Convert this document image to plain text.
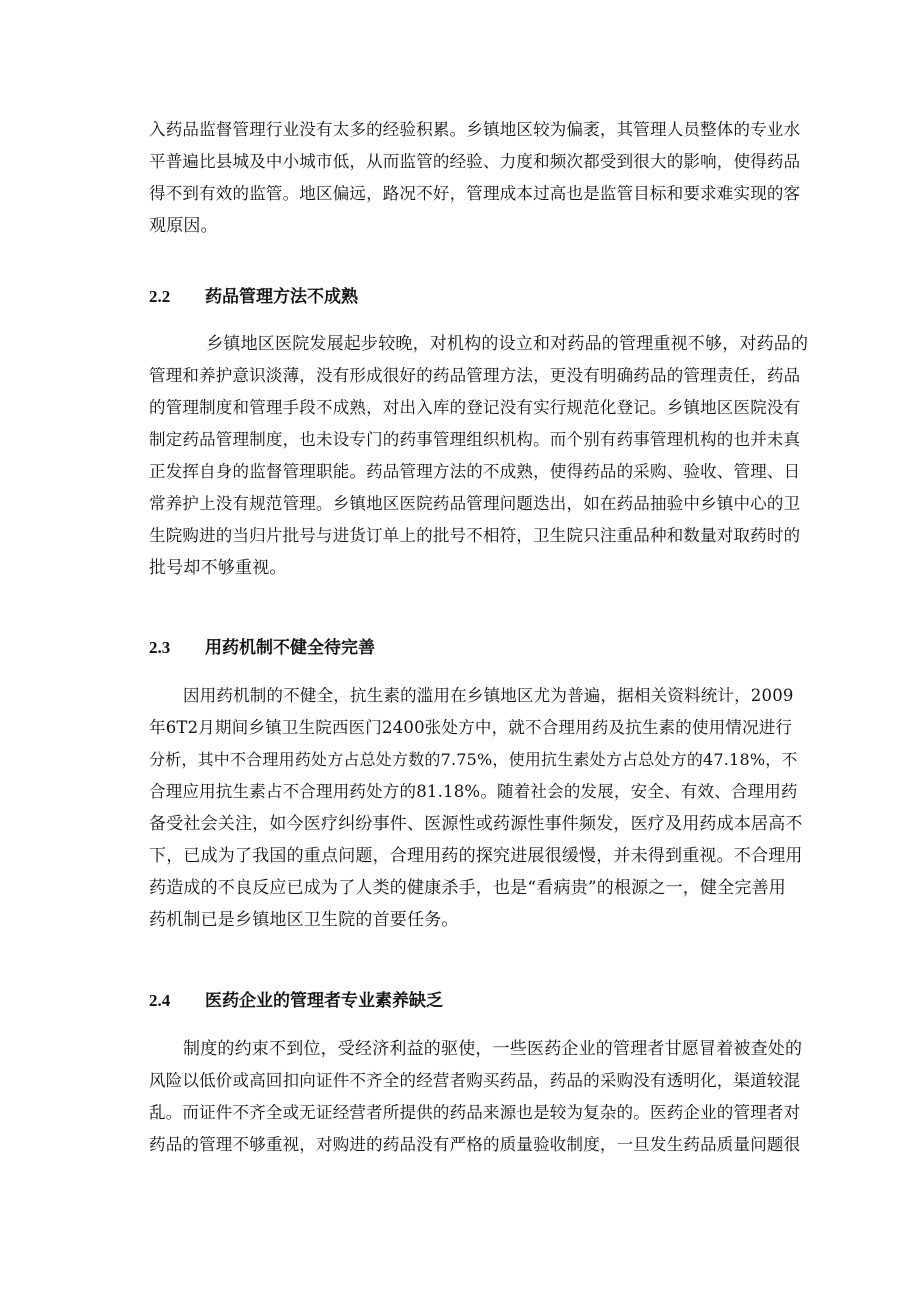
入药品监督管理行业没有太多的经验积累。乡镇地区较为偏袤，其管理人员整体的专业水
平普遍比县城及中小城市低，从而监管的经验、力度和频次都受到很大的影响，使得药品
得不到有效的监管。地区偏远，路况不好，管理成本过高也是监管目标和要求难实现的客
观原因。
2.2 药品管理方法不成熟
　乡镇地区医院发展起步较晚，对机构的设立和对药品的管理重视不够，对药品的
管理和养护意识淡薄，没有形成很好的药品管理方法，更没有明确药品的管理责任，药品
的管理制度和管理手段不成熟，对出入库的登记没有实行规范化登记。乡镇地区医院没有
制定药品管理制度，也未设专门的药事管理组织机构。而个别有药事管理机构的也并未真
正发挥自身的监督管理职能。药品管理方法的不成熟，使得药品的采购、验收、管理、日
常养护上没有规范管理。乡镇地区医院药品管理问题迭出，如在药品抽验中乡镇中心的卫
生院购进的当归片批号与进货订单上的批号不相符，卫生院只注重品种和数量对取药时的
批号却不够重视。
2.3 用药机制不健全待完善
因用药机制的不健全，抗生素的滥用在乡镇地区尤为普遍，据相关资料统计，2009
年6T2月期间乡镇卫生院西医门2400张处方中，就不合理用药及抗生素的使用情况进行
分析，其中不合理用药处方占总处方数的7.75%，使用抗生素处方占总处方的47.18%，不
合理应用抗生素占不合理用药处方的81.18%。随着社会的发展，安全、有效、合理用药
备受社会关注，如今医疗纠纷事件、医源性或药源性事件频发，医疗及用药成本居高不
下，已成为了我国的重点问题，合理用药的探究进展很缓慢，并未得到重视。不合理用
药造成的不良反应已成为了人类的健康杀手，也是“看病贵”的根源之一，健全完善用
药机制已是乡镇地区卫生院的首要任务。
2.4 医药企业的管理者专业素养缺乏
制度的约束不到位，受经济利益的驱使，一些医药企业的管理者甘愿冒着被查处的
风险以低价或高回扣向证件不齐全的经营者购买药品，药品的采购没有透明化，渠道较混
乱。而证件不齐全或无证经营者所提供的药品来源也是较为复杂的。医药企业的管理者对
药品的管理不够重视，对购进的药品没有严格的质量验收制度，一旦发生药品质量问题很
